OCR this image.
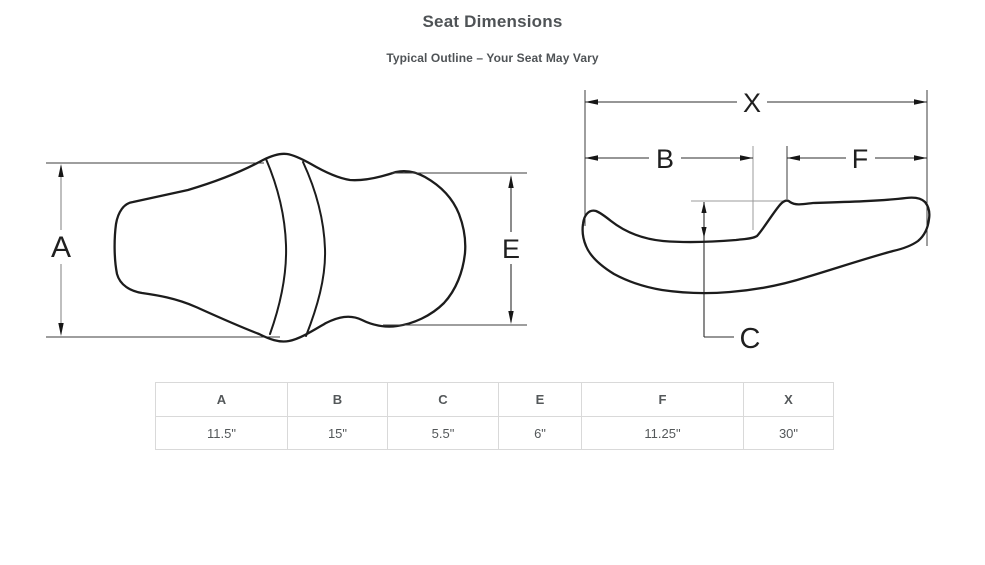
Seat Dimensions
Typical Outline – Your Seat May Vary
A	E
X
B	F
C
A	B	C	E	F	X
11.5"	15"	5.5"	6"	11.25"	30"
